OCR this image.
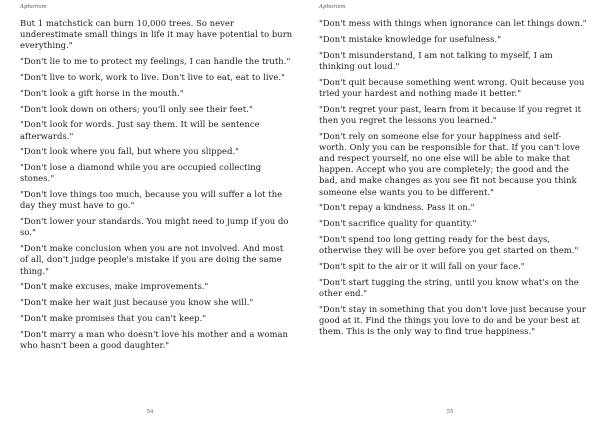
Aphorism

But 1 matchstick can burn 10,000 trees. So never underestimate small things in life it may have potential to burn everything."

"Don't lie to me to protect my feelings, I can handle the truth."

"Don't live to work, work to live. Don't live to eat, eat to live."

"Don't look a gift horse in the mouth."

"Don't look down on others; you'll only see their feet."

"Don't look for words. Just say them. It will be sentence afterwards."

"Don't look where you fall, but where you slipped."

"Don't lose a diamond while you are occupied collecting stones."

"Don't love things too much, because you will suffer a lot the day they must have to go."

"Don't lower your standards. You might need to jump if you do so."

"Don't make conclusion when you are not involved. And most of all, don't judge people's mistake if you are doing the same thing."

"Don't make excuses, make improvements."

"Don't make her wait just because you know she will."

"Don't make promises that you can't keep."

"Don't marry a man who doesn't love his mother and a woman who hasn't been a good daughter."

54
Aphorism

"Don't mess with things when ignorance can let things down."

"Don't mistake knowledge for usefulness."

"Don't misunderstand, I am not talking to myself, I am thinking out loud."

"Don't quit because something went wrong. Quit because you tried your hardest and nothing made it better."

"Don't regret your past, learn from it because if you regret it then you regret the lessons you learned."

"Don't rely on someone else for your happiness and self-worth. Only you can be responsible for that. If you can't love and respect yourself, no one else will be able to make that happen. Accept who you are completely; the good and the bad, and make changes as you see fit not because you think someone else wants you to be different."

"Don't repay a kindness. Pass it on."

"Don't sacrifice quality for quantity."

"Don't spend too long getting ready for the best days, otherwise they will be over before you get started on them."

"Don't spit to the air or it will fall on your face."

"Don't start tugging the string, until you know what's on the other end."

"Don't stay in something that you don't love just because your good at it. Find the things you love to do and be your best at them. This is the only way to find true happiness."

55
